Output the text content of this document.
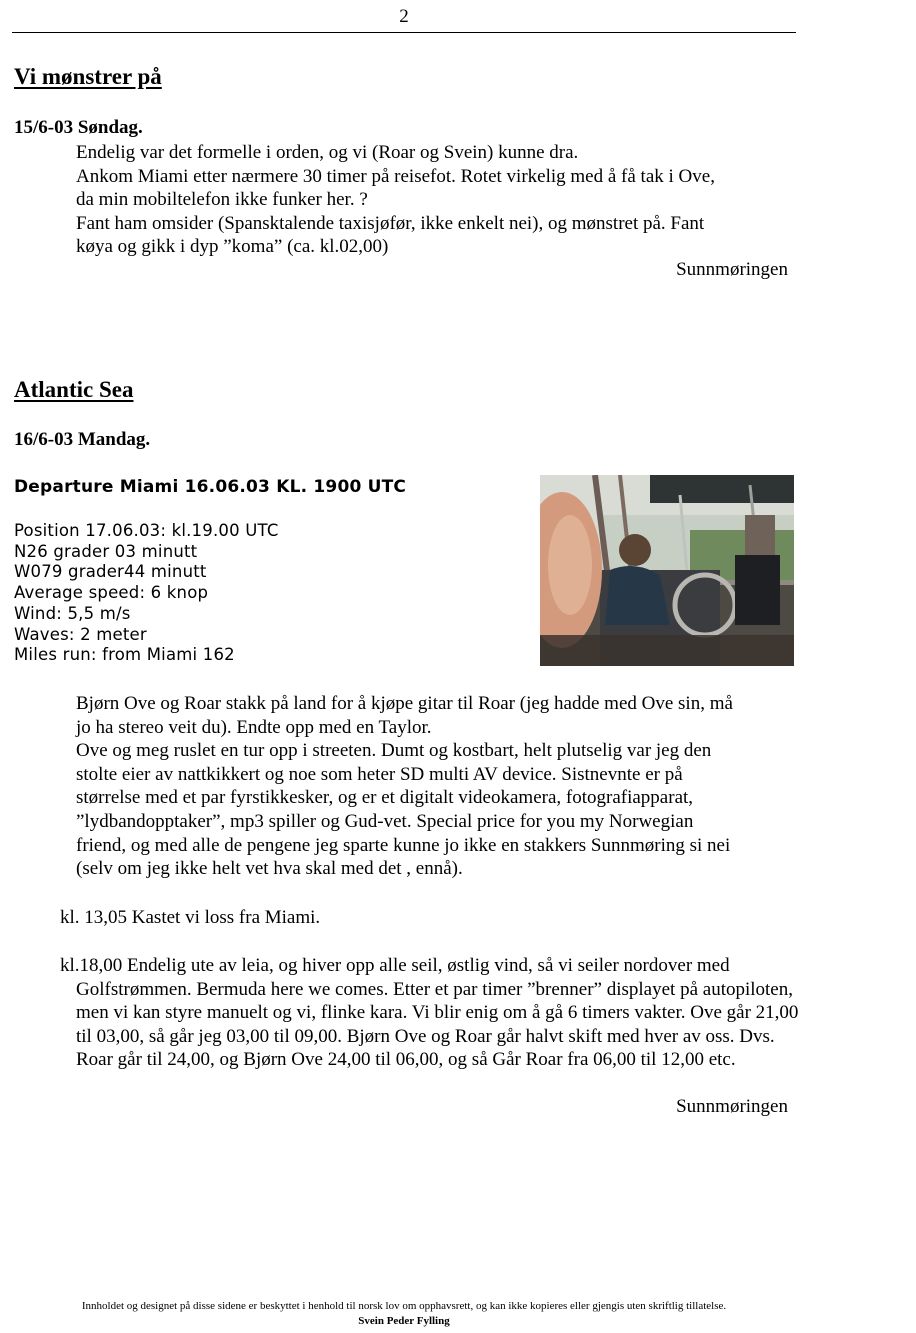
2
Vi mønstrer på
15/6-03 Søndag.

Endelig var det formelle i orden, og vi (Roar og Svein) kunne dra.

Ankom Miami etter nærmere 30 timer på reisefot. Rotet virkelig med å få tak i Ove,

da min mobiltelefon ikke funker her. ?

Fant ham omsider (Spansktalende taxisjøfør, ikke enkelt nei), og mønstret på. Fant

køya og gikk i dyp ”koma” (ca. kl.02,00)

Sunnmøringen
Atlantic Sea
16/6-03 Mandag.
Departure Miami 16.06.03 KL. 1900 UTC
Position 17.06.03: kl.19.00 UTC
N26 grader 03 minutt
W079 grader44 minutt
Average speed: 6 knop
Wind: 5,5 m/s
Waves: 2 meter
Miles run: from Miami 162

Bjørn Ove og Roar stakk på land for å kjøpe gitar til Roar (jeg hadde med Ove sin, må

jo ha stereo veit du). Endte opp med en Taylor.

Ove og meg ruslet en tur opp i streeten. Dumt og kostbart, helt plutselig var jeg den

stolte eier av nattkikkert og noe som heter SD multi AV device. Sistnevnte er på

størrelse med et par fyrstikkesker, og er et digitalt videokamera, fotografiapparat,

”lydbandopptaker”, mp3 spiller og Gud-vet. Special price for you my Norwegian

friend, og med alle de pengene jeg sparte kunne jo ikke en stakkers Sunnmøring si nei

(selv om jeg ikke helt vet hva skal med det , ennå).

kl. 13,05 Kastet vi loss fra Miami.
kl.18,00 Endelig ute av leia, og hiver opp alle seil, østlig vind, så vi seiler nordover med Golfstrømmen. Bermuda here we comes. Etter et par timer ”brenner” displayet på autopiloten, men vi kan styre manuelt og vi, flinke kara. Vi blir enig om å gå 6 timers vakter. Ove går 21,00 til 03,00, så går jeg 03,00 til 09,00. Bjørn Ove og Roar går halvt skift med hver av oss. Dvs. Roar går til 24,00, og Bjørn Ove 24,00 til 06,00, og så Går Roar fra 06,00 til 12,00 etc.
Sunnmøringen
Innholdet og designet på disse sidene er beskyttet i henhold til norsk lov om opphavsrett, og kan ikke kopieres eller gjengis uten skriftlig tillatelse.
Svein Peder Fylling
